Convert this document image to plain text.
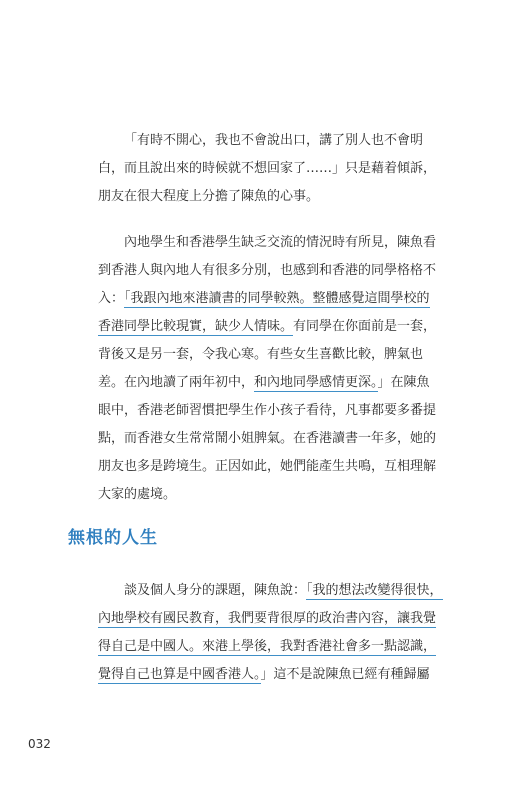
「有時不開心，我也不會說出口，講了別人也不會明
白，而且說出來的時候就不想回家了……」只是藉着傾訴，
朋友在很大程度上分擔了陳魚的心事。
內地學生和香港學生缺乏交流的情況時有所見，陳魚看
到香港人與內地人有很多分別，也感到和香港的同學格格不
入：「我跟內地來港讀書的同學較熟。整體感覺這間學校的
香港同學比較現實，缺少人情味。有同學在你面前是一套，
背後又是另一套，令我心寒。有些女生喜歡比較，脾氣也
差。在內地讀了兩年初中，和內地同學感情更深。」在陳魚
眼中，香港老師習慣把學生作小孩子看待，凡事都要多番提
點，而香港女生常常鬧小姐脾氣。在香港讀書一年多，她的
朋友也多是跨境生。正因如此，她們能產生共鳴，互相理解
大家的處境。
無根的人生
談及個人身分的課題，陳魚說：「我的想法改變得很快，
內地學校有國民教育，我們要背很厚的政治書內容，讓我覺
得自己是中國人。來港上學後，我對香港社會多一點認識，
覺得自己也算是中國香港人。」這不是說陳魚已經有種歸屬
032
